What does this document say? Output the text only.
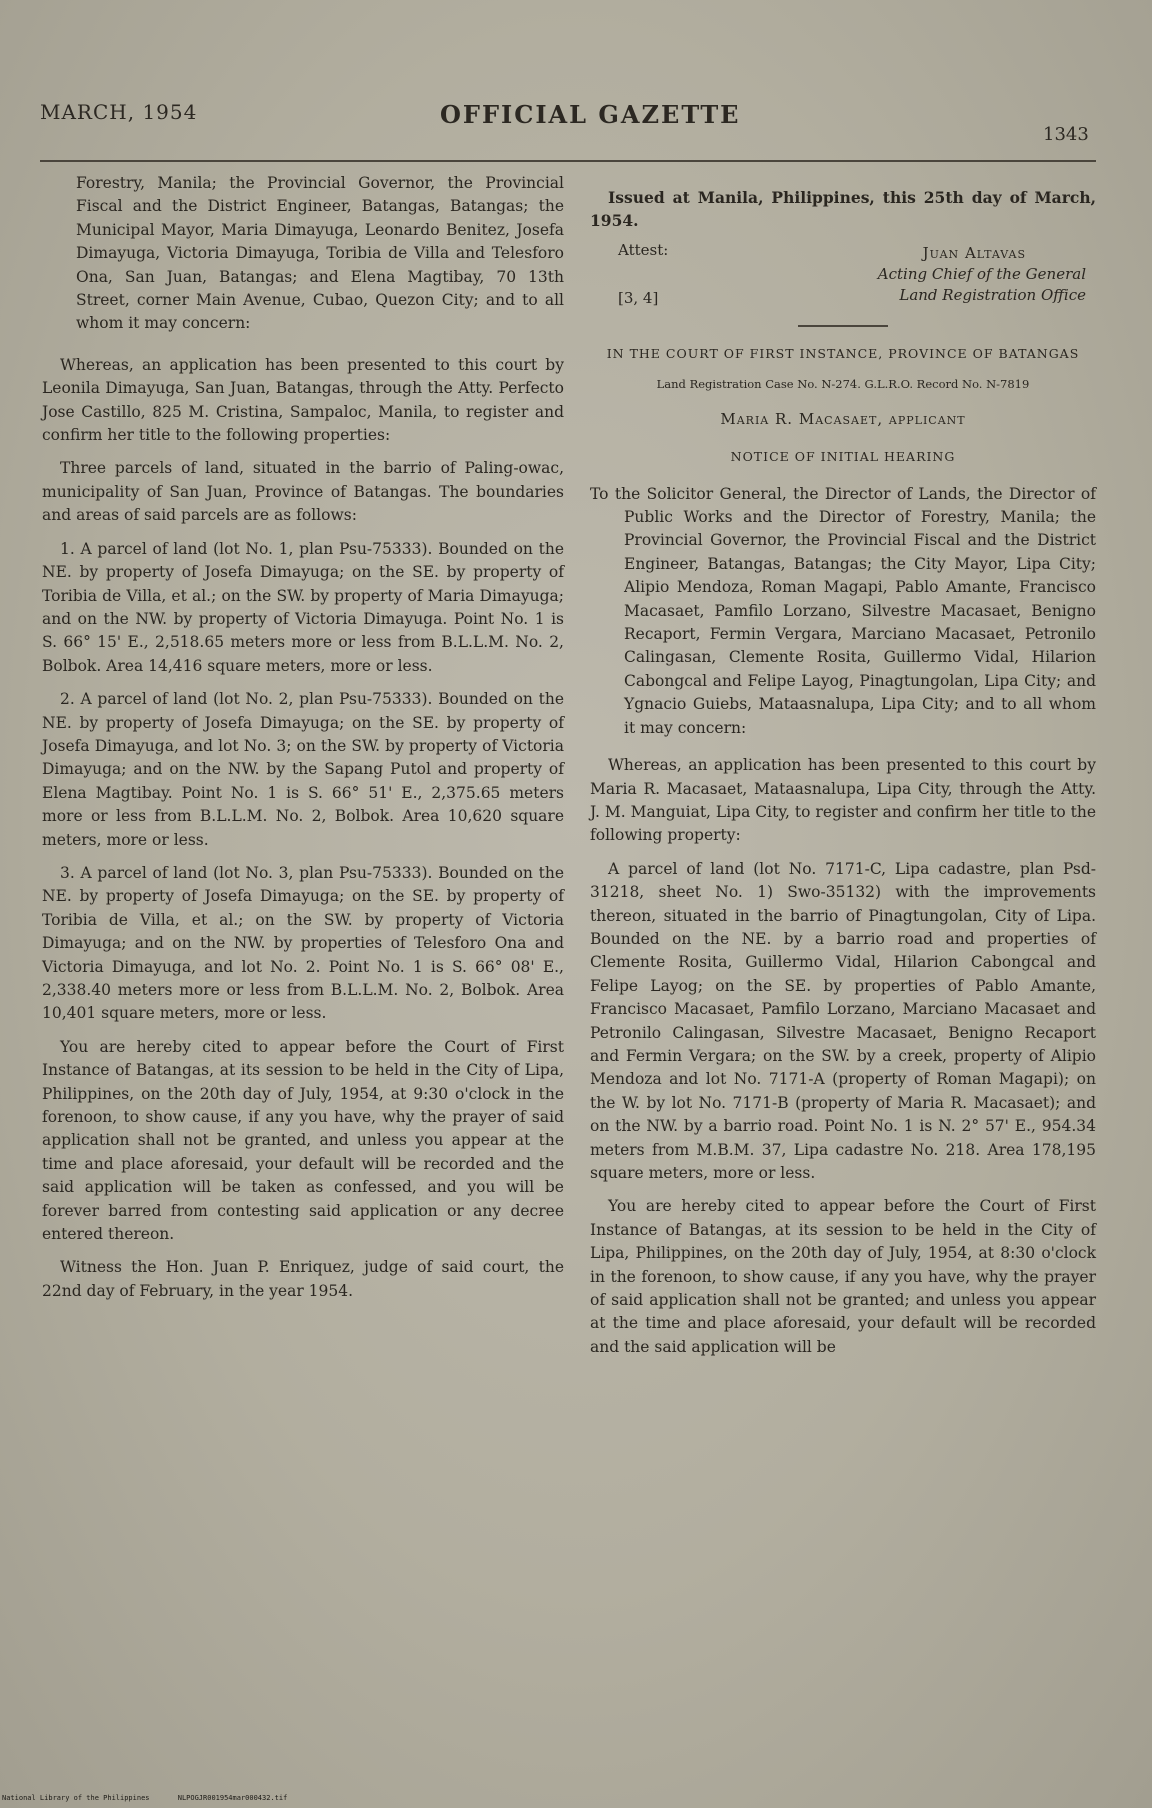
MARCH, 1954	OFFICIAL GAZETTE
1343

Forestry, Manila; the Provincial Governor, the Provincial Fiscal and the District Engineer, Batangas, Batangas; the Municipal Mayor, Maria Dimayuga, Leonardo Benitez, Josefa Dimayuga, Victoria Dimayuga, Toribia de Villa and Telesforo Ona, San Juan, Batangas; and Elena Magtibay, 70 13th Street, corner Main Avenue, Cubao, Quezon City; and to all whom it may concern:

Whereas, an application has been presented to this court by Leonila Dimayuga, San Juan, Batangas, through the Atty. Perfecto Jose Castillo, 825 M. Cristina, Sampaloc, Manila, to register and confirm her title to the following properties:

Three parcels of land, situated in the barrio of Paling-owac, municipality of San Juan, Province of Batangas. The boundaries and areas of said parcels are as follows:

1. A parcel of land (lot No. 1, plan Psu-75333). Bounded on the NE. by property of Josefa Dimayuga; on the SE. by property of Toribia de Villa, et al.; on the SW. by property of Maria Dimayuga; and on the NW. by property of Victoria Dimayuga. Point No. 1 is S. 66° 15' E., 2,518.65 meters more or less from B.L.L.M. No. 2, Bolbok. Area 14,416 square meters, more or less.

2. A parcel of land (lot No. 2, plan Psu-75333). Bounded on the NE. by property of Josefa Dimayuga; on the SE. by property of Josefa Dimayuga, and lot No. 3; on the SW. by property of Victoria Dimayuga; and on the NW. by the Sapang Putol and property of Elena Magtibay. Point No. 1 is S. 66° 51' E., 2,375.65 meters more or less from B.L.L.M. No. 2, Bolbok. Area 10,620 square meters, more or less.

3. A parcel of land (lot No. 3, plan Psu-75333). Bounded on the NE. by property of Josefa Dimayuga; on the SE. by property of Toribia de Villa, et al.; on the SW. by property of Victoria Dimayuga; and on the NW. by properties of Telesforo Ona and Victoria Dimayuga, and lot No. 2. Point No. 1 is S. 66° 08' E., 2,338.40 meters more or less from B.L.L.M. No. 2, Bolbok. Area 10,401 square meters, more or less.

You are hereby cited to appear before the Court of First Instance of Batangas, at its session to be held in the City of Lipa, Philippines, on the 20th day of July, 1954, at 9:30 o'clock in the forenoon, to show cause, if any you have, why the prayer of said application shall not be granted, and unless you appear at the time and place aforesaid, your default will be recorded and the said application will be taken as confessed, and you will be forever barred from contesting said application or any decree entered thereon.

Witness the Hon. Juan P. Enriquez, judge of said court, the 22nd day of February, in the year 1954.

Issued at Manila, Philippines, this 25th day of March, 1954.

Attest:
[3, 4]
Juan Altavas
Acting Chief of the General
Land Registration Office
IN THE COURT OF FIRST INSTANCE, PROVINCE OF BATANGAS
Land Registration Case No. N-274. G.L.R.O. Record No. N-7819
Maria R. Macasaet, applicant
NOTICE OF INITIAL HEARING

To the Solicitor General, the Director of Lands, the Director of Public Works and the Director of Forestry, Manila; the Provincial Governor, the Provincial Fiscal and the District Engineer, Batangas, Batangas; the City Mayor, Lipa City; Alipio Mendoza, Roman Magapi, Pablo Amante, Francisco Macasaet, Pamfilo Lorzano, Silvestre Macasaet, Benigno Recaport, Fermin Vergara, Marciano Macasaet, Petronilo Calingasan, Clemente Rosita, Guillermo Vidal, Hilarion Cabongcal and Felipe Layog, Pinagtungolan, Lipa City; and Ygnacio Guiebs, Mataasnalupa, Lipa City; and to all whom it may concern:

Whereas, an application has been presented to this court by Maria R. Macasaet, Mataasnalupa, Lipa City, through the Atty. J. M. Manguiat, Lipa City, to register and confirm her title to the following property:

A parcel of land (lot No. 7171-C, Lipa cadastre, plan Psd-31218, sheet No. 1) Swo-35132) with the improvements thereon, situated in the barrio of Pinagtungolan, City of Lipa. Bounded on the NE. by a barrio road and properties of Clemente Rosita, Guillermo Vidal, Hilarion Cabongcal and Felipe Layog; on the SE. by properties of Pablo Amante, Francisco Macasaet, Pamfilo Lorzano, Marciano Macasaet and Petronilo Calingasan, Silvestre Macasaet, Benigno Recaport and Fermin Vergara; on the SW. by a creek, property of Alipio Mendoza and lot No. 7171-A (property of Roman Magapi); on the W. by lot No. 7171-B (property of Maria R. Macasaet); and on the NW. by a barrio road. Point No. 1 is N. 2° 57' E., 954.34 meters from M.B.M. 37, Lipa cadastre No. 218. Area 178,195 square meters, more or less.

You are hereby cited to appear before the Court of First Instance of Batangas, at its session to be held in the City of Lipa, Philippines, on the 20th day of July, 1954, at 8:30 o'clock in the forenoon, to show cause, if any you have, why the prayer of said application shall not be granted; and unless you appear at the time and place aforesaid, your default will be recorded and the said application will be

National Library of the Philippines	NLPOGJR001954mar000432.tif
